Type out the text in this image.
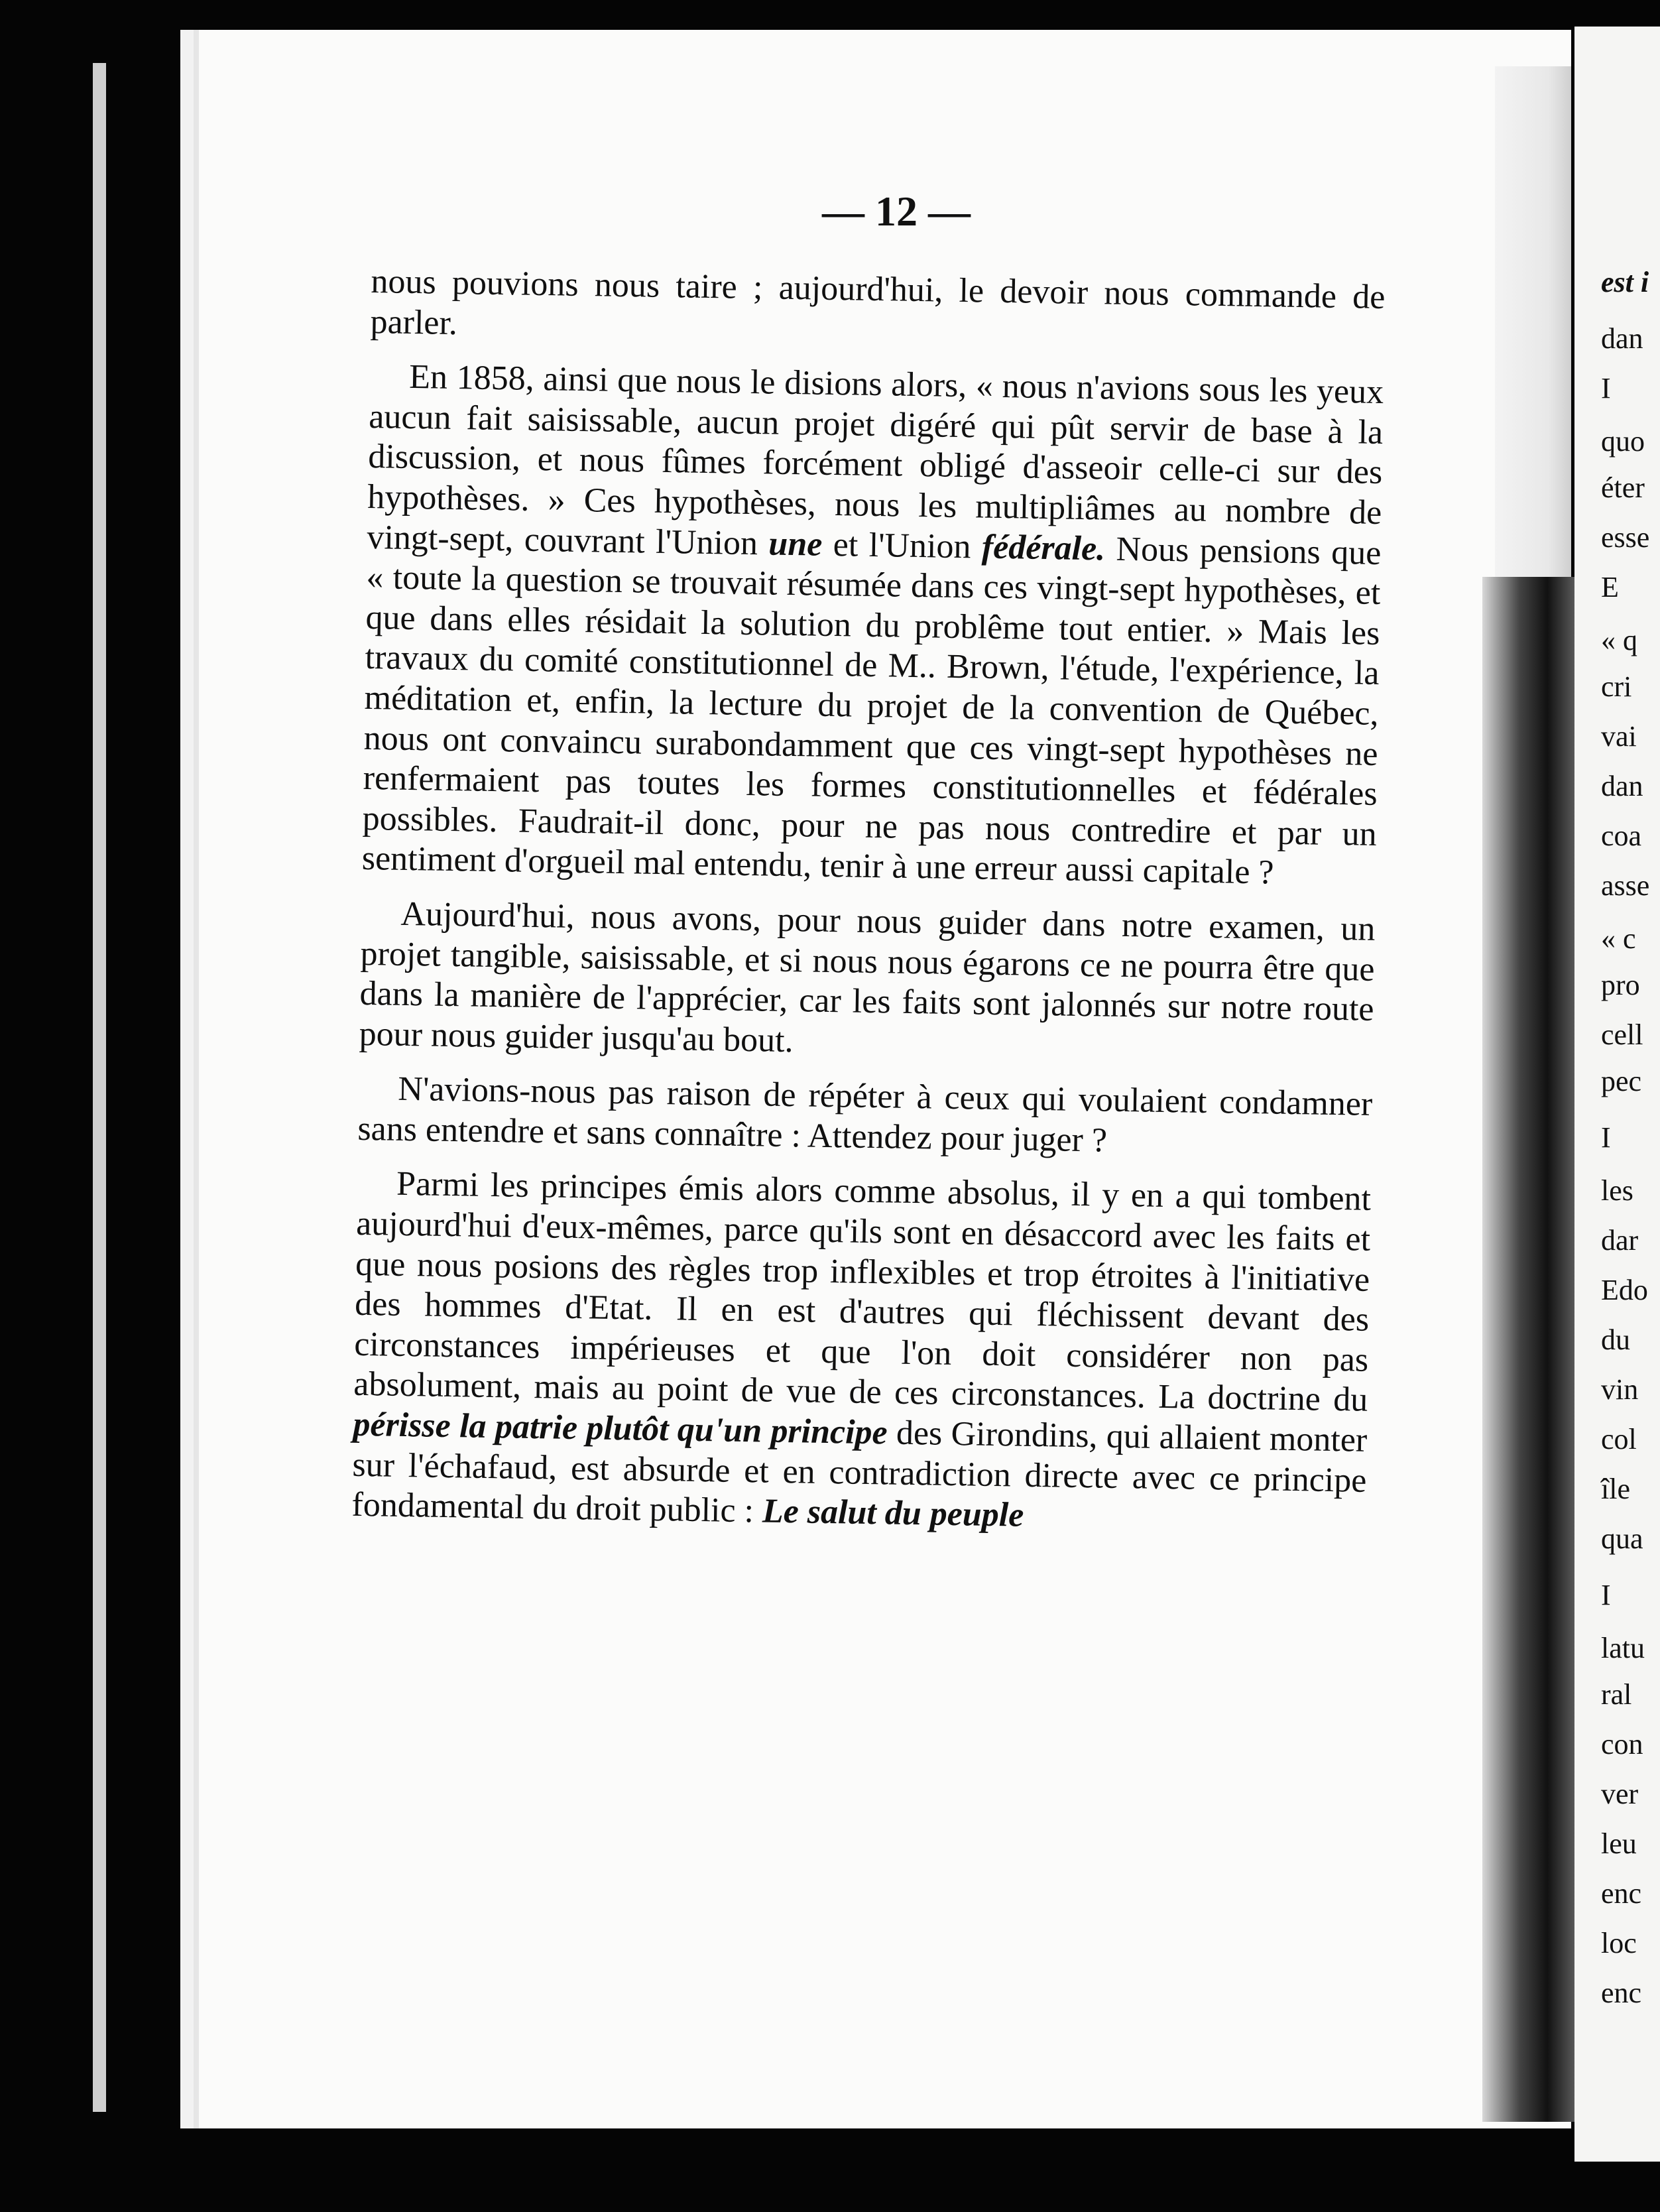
est i
dan
I
quo
éter
esse
E
« q
cri
vai
dan
coa
asse
« c
pro
cell
pec
I
les
dar
Edo
du
vin
col
île
qua
I
latu
ral
con
ver
leu
enc
loc
enc
— 12 —

nous pouvions nous taire ; aujourd'hui, le devoir nous commande de parler.

En 1858, ainsi que nous le disions alors, « nous n'avions sous les yeux aucun fait saisissable, aucun projet digéré qui pût servir de base à la discussion, et nous fûmes forcément obligé d'asseoir celle-ci sur des hypothèses. » Ces hypothèses, nous les multipliâmes au nombre de vingt-sept, couvrant l'Union une et l'Union fédérale. Nous pensions que « toute la question se trouvait résumée dans ces vingt-sept hypothèses, et que dans elles résidait la solution du problême tout entier. » Mais les travaux du comité constitutionnel de M.. Brown, l'étude, l'expérience, la méditation et, enfin, la lecture du projet de la convention de Québec, nous ont convaincu surabondamment que ces vingt-sept hypothèses ne renfermaient pas toutes les formes constitutionnelles et fédérales possibles. Faudrait-il donc, pour ne pas nous contredire et par un sentiment d'orgueil mal entendu, tenir à une erreur aussi capitale ?

Aujourd'hui, nous avons, pour nous guider dans notre examen, un projet tangible, saisissable, et si nous nous égarons ce ne pourra être que dans la manière de l'apprécier, car les faits sont jalonnés sur notre route pour nous guider jusqu'au bout.

N'avions-nous pas raison de répéter à ceux qui voulaient condamner sans entendre et sans connaître : Attendez pour juger ?

Parmi les principes émis alors comme absolus, il y en a qui tombent aujourd'hui d'eux-mêmes, parce qu'ils sont en désaccord avec les faits et que nous posions des règles trop inflexibles et trop étroites à l'initiative des hommes d'Etat. Il en est d'autres qui fléchissent devant des circonstances impérieuses et que l'on doit considérer non pas absolument, mais au point de vue de ces circonstances. La doctrine du périsse la patrie plutôt qu'un principe des Girondins, qui allaient monter sur l'échafaud, est absurde et en contradiction directe avec ce principe fondamental du droit public : Le salut du peuple
